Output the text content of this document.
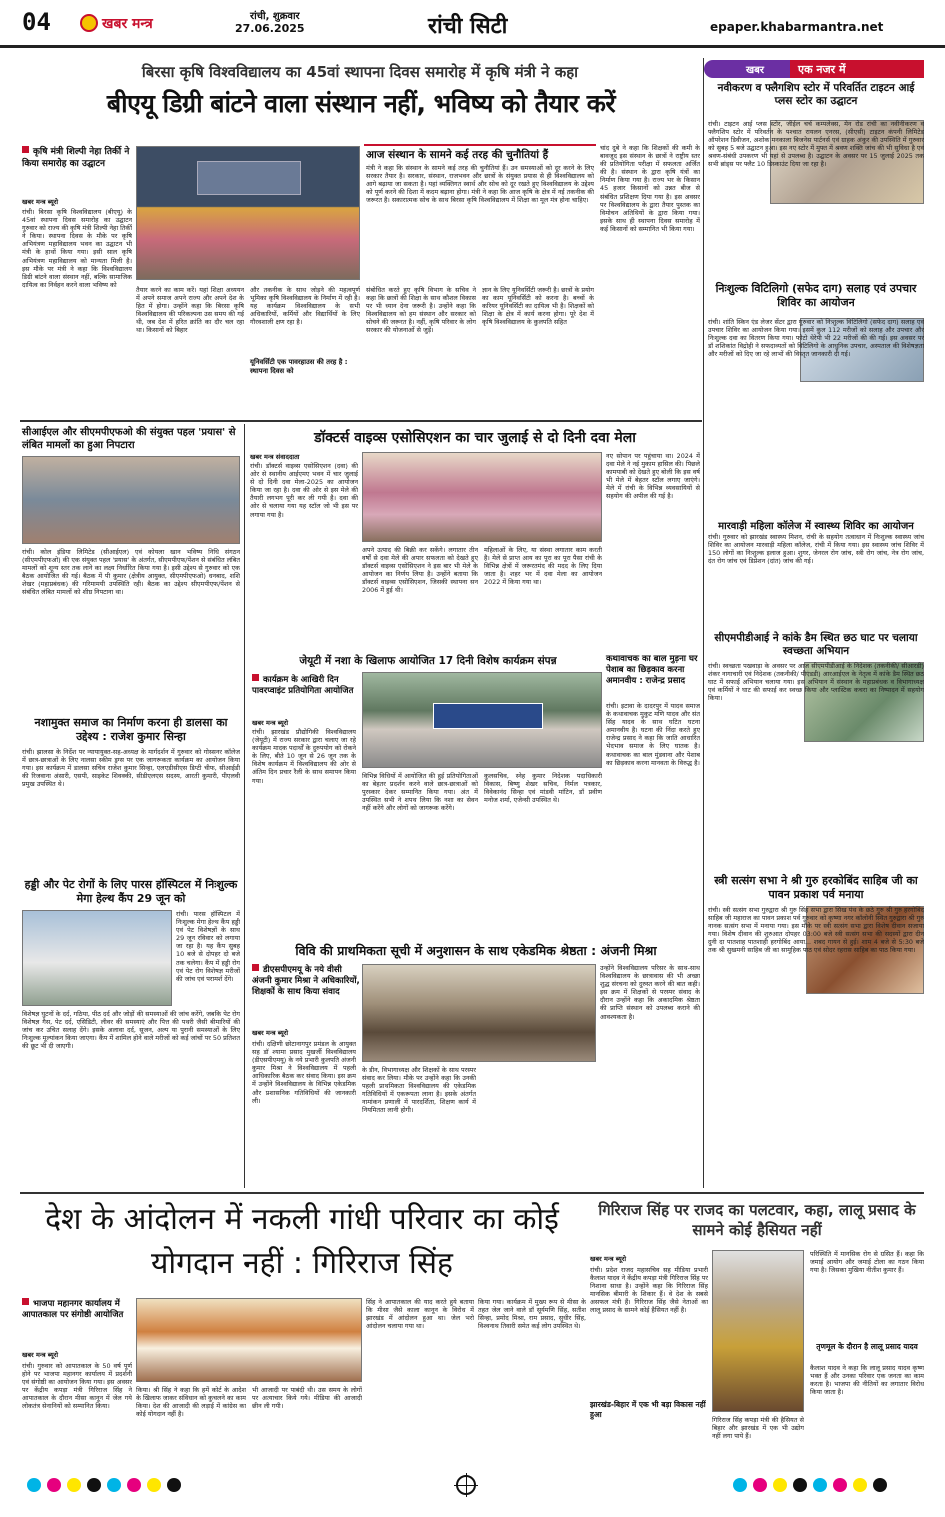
04	खबर मन्त्र	रांची, शुक्रवार
27.06.2025	रांची सिटी	epaper.khabarmantra.net
बिरसा कृषि विश्वविद्यालय का 45वां स्थापना दिवस समारोह में कृषि मंत्री ने कहा
बीएयू डिग्री बांटने वाला संस्थान नहीं, भविष्य को तैयार करें
कृषि मंत्री शिल्पी नेहा तिर्की ने किया समारोह का उद्घाटन
खबर मन्त्र ब्यूरो
रांची। बिरसा कृषि विश्वविद्यालय (बीएयू) के 45वां स्थापना दिवस समारोह का उद्घाटन गुरुवार को राज्य की कृषि मंत्री शिल्पी नेहा तिर्की ने किया। स्थापना दिवस के मौके पर कृषि अभियंत्रण महाविद्यालय भवन का उद्घाटन भी मंत्री के हाथों किया गया। इसी साल कृषि अभियंत्रण महाविद्यालय को मान्यता मिली है। इस मौके पर मंत्री ने कहा कि विश्वविद्यालय डिग्री बांटने वाला संस्थान नहीं, बल्कि सामाजिक दायित्व का निर्वहन करने वाला भविष्य को
तैयार करने का काम करें। यहां शिक्षा अध्ययन में अपने समाज अपने राज्य और अपने देश के हित में होगा। उन्होंने कहा कि बिरसा कृषि विश्वविद्यालय की परिकल्पना उस समय की गई थी, जब देश में हरित क्रांति का दौर चल रहा था। किसानों को बिहार
और तकनीक के साथ जोड़ने की महत्वपूर्ण भूमिका कृषि विश्वविद्यालय के निर्माण में रही है। यह कार्यक्रम विश्वविद्यालय के सभी अधिकारियों, कर्मियों और विद्यार्थियों के लिए गौरवशाली क्षण रहा है।
यूनिवर्सिटी एक पावरहाउस की तरह है : स्थापना दिवस को
संबोधित करते हुए कृषि विभाग के सचिव ने कहा कि छात्रों की शिक्षा के साथ कौशल विकास पर भी ध्यान देना जरूरी है। उन्होंने कहा कि विश्वविद्यालय को हम संस्थान और सरकार को सोचने की जरूरत है। नहीं, कृषि परिवार के लोग सरकार की योजनाओं से जुड़ें।
ज्ञान के लिए यूनिवर्सिटी जरूरी है। छात्रों के प्रयोग का काम यूनिवर्सिटी को करना है। बच्चों के करियर यूनिवर्सिटी का दायित्व भी है। शिक्षकों को शिक्षा के क्षेत्र में कार्य करना होगा। पूरे देश में कृषि विश्वविद्यालय के कुलपति सहित
आज संस्थान के सामने कई तरह की चुनौतियां हैं
मंत्री ने कहा कि संस्थान के सामने कई तरह की चुनौतियां हैं। उन समस्याओं को दूर करने के लिए सरकार तैयार है। सरकार, संस्थान, राजभवन और छात्रों के संयुक्त प्रयास से ही विश्वविद्यालय को आगे बढ़ाया जा सकता है। यहां व्यक्तिगत स्वार्थ और सोच को दूर रखते हुए विश्वविद्यालय के उद्देश्य को पूर्ण करने की दिशा में कदम बढ़ाना होगा। मंत्री ने कहा कि आज कृषि के क्षेत्र में नई तकनीक की जरूरत है। सकारात्मक सोच के साथ बिरसा कृषि विश्वविद्यालय में शिक्षा का मूल मंत्र होना चाहिए।
चांद दुबे ने कहा कि शिक्षकों की कमी के बावजूद इस संस्थान के छात्रों ने राष्ट्रीय स्तर की प्रतियोगिता परीक्षा में सफलता अर्जित की है। संस्थान के द्वारा कृषि यंत्रों का निर्माण किया गया है। राज्य भर के किसान 45 हजार किसानों को उन्नत बीज से संबंधित प्रशिक्षण दिया गया है। इस अवसर पर विश्वविद्यालय के द्वारा तैयार पुस्तक का विमोचन अतिथियों के द्वारा किया गया। इसके साथ ही स्थापना दिवस समारोह में कई किसानों को सम्मानित भी किया गया।
खबर	एक नजर में
नवीकरण व फ्लैगशिप स्टोर में परिवर्तित टाइटन आई प्लस स्टोर का उद्घाटन
रांची। टाइटन आई प्लस स्टोर, जीईल चर्च कम्पलेक्स, मेन रोड रांची का नवीनीकरण व फ्लैगशिप स्टोर में परिवर्तन के पश्चात रायलन एनरस, (सीएसी) टाइटन कंपनी लिमिटेड ऑपरेशन डिवीजन, अशोक मनकाला बिजनेस पार्टनर्स एवं ग्राहक अंकुर की उपस्थिति में गुरुवार को सुबह 5 बजे उद्घाटन हुआ। इस नए स्टोर में मुफ्त में श्रवण शक्ति जांच की भी सुविधा है एवं श्रवण-संबंधी उपकरण भी यहां से उपलब्ध है। उद्घाटन के अवसर पर 15 जुलाई 2025 तक सभी ब्रांड्स पर फ्लैट 10 डिस्काउंट दिया जा रहा है।
निःशुल्क विटिलिगो (सफेद दाग) सलाह एवं उपचार शिविर का आयोजन
रांची। शांति स्किन एंड लेजर सेंटर द्वारा गुरुवार को निःशुल्क विटिलिगो (सफेद दाग) सलाह एवं उपचार शिविर का आयोजन किया गया। इसमें कुल 112 मरीजों को सलाह और उपचार और निःशुल्क दवा का वितरण किया गया। फोटो थेरेपी भी 22 मरीजों की की गई। इस अवसर पर डॉ शशिकांत विद्रोही ने सफदाव्यतों को विटिलिगो के आधुनिक उपचार, अस्पताल की विशेषज्ञता और मरीजों को दिए जा रहे लाभों की विस्तृत जानकारी दी गई।
मारवाड़ी महिला कॉलेज में स्वास्थ्य शिविर का आयोजन
रांची। गुरुवार को झारखंड स्वास्थ्य मिशन, रांची के सहयोग तत्वाधान में निःशुल्क स्वास्थ्य जांच शिविर का आयोजन मारवाड़ी महिला कॉलेज, रांची में किया गया। इस स्वास्थ्य जांच शिविर में 150 लोगों का निःशुल्क इलाज हुआ। शुगर, जेनरल रोग जांच, स्त्री रोग जांच, नेत्र रोग जांच, दंत रोग जांच एवं डिप्रेशन (दांत) जांच की गई।
सीएमपीडीआई ने कांके डैम स्थित छठ घाट पर चलाया स्वच्छता अभियान
रांची। स्वच्छता पखवाड़ा के अवसर पर आज सीएमपीडीआई के निदेशक (तकनीकी/ सीआरडी) शंकर नागाचारी एवं निदेशक (तकनीकी/ पीएंडडी) आरआईएल के नेतृत्व में कांके डैम स्थित छठ घाट में सफाई अभियान चलाया गया। इस अभियान में संस्थान के महाप्रबंधक व विभागाध्यक्ष एवं कर्मियों ने घाट की सफाई कर स्वच्छ किया और प्लास्टिक कचरा का निष्पादन में सहयोग किया।
स्त्री सत्संग सभा ने श्री गुरु हरकोबिंद साहिब जी का पावन प्रकाश पर्व मनाया
रांची। स्त्री सत्संग सभा गुरुद्वारा श्री गुरु सिंह सभा द्वारा सिख पंथ के छठे गुरु श्री गुरु हरगोबिंद साहिब जी महाराज का पावन प्रकाश पर्व गुरुवार को कृष्णा नगर कॉलोनी स्थित गुरुद्वारा श्री गुरु नानक सत्संग सभा में मनाया गया। इस मौके पर स्त्री सत्संग सभा द्वारा विशेष दीवान सजाया गया। विशेष दीवान की शुरुआत दोपहर 03:00 बजे स्त्री सत्संग सभा की सदस्यों द्वारा दीन दुनी दा पातशाह पातशाही हरगोबिंद आया... शबद गायन से हुई। शाम 4 बजे से 5:30 बजे तक श्री सुखमनी साहिब जी का सामूहिक पाठ एवं सोदर रहरास साहिब का पाठ किया गया।
सीआईएल और सीएमपीएफओ की संयुक्त पहल 'प्रयास' से लंबित मामलों का हुआ निपटारा
रांची। कोल इंडिया लिमिटेड (सीआईएल) एवं कोयला खान भविष्य निधि संगठन (सीएमपीएफओ) की एक संयुक्त पहल 'प्रयास' के अंतर्गत, सीएमपीएफ/पेंशन से संबंधित लंबित मामलों को शून्य स्तर तक लाने का लक्ष्य निर्धारित किया गया है। इसी उद्देश्य से गुरुवार को एक बैठक आयोजित की गई। बैठक में पी कुमार (क्षेत्रीय आयुक्त, सीएमपीएफओ) धनबाद, शशि शेखर (महाप्रबंधक) की गरिमामयी उपस्थिति रही। बैठक का उद्देश्य सीएमपीएफ/पेंशन से संबंधित लंबित मामलों को शीघ्र निपटाना था।
नशामुक्त समाज का निर्माण करना ही डालसा का उद्देश्य : राजेश कुमार सिन्हा
रांची। झालसा के निर्देश पर न्यायायुक्त-सह-अध्यक्ष के मार्गदर्शन में गुरुवार को गोस्सनर कॉलेज में छात्र-छात्राओं के लिए नालसा स्कीम ड्रग्स पर एक जागरूकता कार्यक्रम का आयोजन किया गया। इस कार्यक्रम में डालसा सचिव राजेश कुमार सिन्हा, एलएडीसीएस डिप्टी चीफ, सीआईडी की रिजवाना अंसारी, एसपी, साइकेट शिवक्की, सीडीएलएस सदस्य, आरती कुमारी, पीएलवी प्रमुख उपस्थित थे।
हड्डी और पेट रोगों के लिए पारस हॉस्पिटल में निःशुल्क मेगा हेल्थ कैंप 29 जून को
रांची। पारस हॉस्पिटल में निःशुल्क मेगा हेल्थ कैंप हड्डी एवं पेट विशेषज्ञों के साथ 29 जून रविवार को लगाया जा रहा है। यह कैंप सुबह 10 बजे से दोपहर दो बजे तक चलेगा। कैंप में हड्डी रोग एवं पेट रोग विशेषज्ञ मरीजों की जांच एवं परामर्श देंगे।
विशेषज्ञ घुटनों के दर्द, गठिया, पीठ दर्द और जोड़ों की समस्याओं की जांच करेंगे, जबकि पेट रोग विशेषज्ञ गैस, पेट दर्द, एसिडिटी, लीवर की समस्याएं और पित्त की पथरी जैसी बीमारियों की जांच कर उचित सलाह देंगे। इसके अलावा दर्द, सूजन, अल्प या पुरानी समस्याओं के लिए निःशुल्क मूल्यांकन किया जाएगा। कैंप में शामिल होने वाले मरीजों को कई जांचों पर 50 प्रतिशत की छूट भी दी जाएगी।
डॉक्टर्स वाइव्स एसोसिएशन का चार जुलाई से दो दिनी दवा मेला
खबर मन्त्र संवाददाता
रांची। डॉक्टर्स वाइव्स एसोसिएशन (दवा) की ओर से स्थानीय आईएमए भवन में चार जुलाई से दो दिनी दवा मेला-2025 का आयोजन किया जा रहा है। दवा की ओर से इस मेले की तैयारी लगभग पूरी कर ली गयी है। दवा की ओर से चलाया गया यह स्टॉल जो भी इस पर लगाया गया है।
अपने उत्पाद की बिक्री कर सकेंगे। लगातार तीन वर्षों से दवा मेले की अपार सफलता को देखते हुए डॉक्टर्स वाइव्स एसोसिएशन ने इस बार भी मेले के आयोजन का निर्णय लिया है। उन्होंने बताया कि डॉक्टर्स वाइव्स एसोसिएशन, जिसकी स्थापना सन 2006 में हुई थी।
महिलाओं के लिए, या संस्था लगातार काम करती है। मेले से प्राप्त आय का पूरा का पूरा पैसा रांची के विभिन्न क्षेत्रों में जरूरतमंद की मदद के लिए दिया जाता है। शहर भर में दवा मेला का आयोजन 2022 में किया गया था।
नए सोपान पर पहुंचाया था। 2024 में दवा मेले ने नई मुकाम हासिल की। पिछले कामयाबी को देखते हुए बोली कि इस वर्ष भी मेले में बेहतर स्टॉल लगाए जाएंगे। मेले में रांची के विभिन्न व्यवसायियों से सहयोग की अपील की गई है।
जेयूटी में नशा के खिलाफ आयोजित 17 दिनी विशेष कार्यक्रम संपन्न
कार्यक्रम के आखिरी दिन पावरप्वाइंट प्रतियोगिता आयोजित
खबर मन्त्र ब्यूरो
रांची। झारखंड प्रौद्योगिकी विश्वविद्यालय (जेयूटी) में राज्य सरकार द्वारा चलाए जा रहे कार्यक्रम मादक पदार्थों के दुरुपयोग को रोकने के लिए, बीते 10 जून से 26 जून तक के विशेष कार्यक्रम में विश्वविद्यालय की ओर से अंतिम दिन प्रचार रैली के साथ समापन किया गया।
विभिन्न विधियों में आयोजित की हुई प्रतियोगिताओं का बेहतर प्रदर्शन करने वाले छात्र-छात्राओं को पुरस्कार देकर सम्मानित किया गया। अंत में उपस्थित सभी ने शपथ लिया कि नशा का सेवन नहीं करेंगे और लोगों को जागरूक करेंगे।
कुलसचिव, स्नेह कुमार निदेशक पदाधिकारी विकास, बिष्णु शेखर सचिव, निर्मल पत्रकार, विवेकानंद सिन्हा एवं मांडवी मांटिन, डॉ प्रवीण मनोज शर्मा, एजेन्सी उपस्थित थे।
कथावाचक का बाल मुड़ना घर पेशाब का छिड़काव करना अमानवीय : राजेन्द्र प्रसाद
रांची। इटावा के दादरपुर में यादव समाज के कथावाचक मुकुट मणि यादव और संत सिंह यादव के साथ घटित घटना अमानवीय है। घटना की निंदा करते हुए राजेन्द्र प्रसाद ने कहा कि जाति आधारित भेदभाव समाज के लिए घातक है। कथावाचक का बाल मुंडवाना और पेशाब का छिड़काव करना मानवता के विरुद्ध है।
विवि की प्राथमिकता सूची में अनुशासन के साथ एकेडमिक श्रेष्ठता : अंजनी मिश्रा
डीएसपीएमयू के नये वीसी अंजनी कुमार मिश्रा ने अधिकारियों, शिक्षकों के साथ किया संवाद
खबर मन्त्र ब्यूरो
रांची। दक्षिणी छोटानागपुर प्रमंडल के आयुक्त सह डॉ श्यामा प्रसाद मुखर्जी विश्वविद्यालय (डीएसपीएमयू) के नये प्रभारी कुलपति अंजनी कुमार मिश्रा ने विश्वविद्यालय में पहली आधिकारिक बैठक कर संवाद किया। इस क्रम में उन्होंने विश्वविद्यालय के विभिन्न एकेडमिक और प्रशासनिक गतिविधियों की जानकारी ली।
के डीन, विभागाध्यक्ष और शिक्षकों के साथ परस्पर संवाद कर लिया। मौके पर उन्होंने कहा कि उनकी पहली प्राथमिकता विश्वविद्यालय की एकेडमिक गतिविधियों में एकरूपता लाना है। इसके अंतर्गत नामांकन प्रणाली में पारदर्शिता, शिक्षण कार्य में नियमितता लानी होगी।
उन्होंने विश्वविद्यालय परिसर के साथ-साथ विश्वविद्यालय के छात्रावास की भी अच्छा शुद्ध संरचना को दुरुस्त करने की बात कही। इस क्रम में शिक्षकों से परस्पर संवाद के दौरान उन्होंने कहा कि अकादमिक श्रेष्ठता की प्राप्ति संस्थान को उपलब्ध कराने की आवश्यकता है।
देश के आंदोलन में नकली गांधी परिवार का कोई योगदान नहीं : गिरिराज सिंह
भाजपा महानगर कार्यालय में आपातकाल पर संगोष्ठी आयोजित
खबर मन्त्र ब्यूरो
रांची। गुरुवार को आपातकाल के 50 वर्ष पूर्ण होने पर भाजपा महानगर कार्यालय में प्रदर्शनी एवं संगोष्ठी का आयोजन किया गया। इस अवसर पर केंद्रीय कपड़ा मंत्री गिरिराज सिंह ने आपातकाल के दौरान मीसा कानून में जेल गये लोकतंत्र सेनानियों को सम्मानित किया।
किया। श्री सिंह ने कहा कि हमें कोर्ट के आदेश के खिलाफ जाकर संविधान को कुचलने का काम किया। देश की आजादी की लड़ाई में कांग्रेस का कोई योगदान नहीं है।
भी आजादी पर पाबंदी थी। उस समय के लोगों पर अत्याचार किये गये। मीडिया की आजादी छीन ली गयी।
सिंह ने आपातकाल की याद करते हुये बताया कि मीसा जैसे काला कानून के विरोध में झारखंड में आंदोलन हुआ था। जेल भरो आंदोलन चलाया गया था।
किया गया। कार्यक्रम में मुख्य रूप से मीसा के तहत जेल जाने वाले डॉ सूर्यमणि सिंह, सतीश सिन्हा, प्रमोद मिश्रा, राम प्रसाद, सुधीर सिंह, विश्वनाथ तिवारी समेत कई लोग उपस्थित थे।
गिरिराज सिंह पर राजद का पलटवार, कहा, लालू प्रसाद के सामने कोई हैसियत नहीं
खबर मन्त्र ब्यूरो
रांची। प्रदेश राजद महासचिव सह मीडिया प्रभारी कैलाश यादव ने केंद्रीय कपड़ा मंत्री गिरिराज सिंह पर निशाना साधा है। उन्होंने कहा कि गिरिराज सिंह मानसिक बीमारी के शिकार हैं। वे देश के सबसे असफल मंत्री हैं। गिरिराज सिंह जैसे नेताओं का लालू प्रसाद के सामने कोई हैसियत नहीं है।
परिस्थिति में मानसिक रोग से ग्रसित हैं। कहा कि जमाई आयोग और जमाई टोला का गठन किया गया है। जिसका मुखिया नीतीश कुमार हैं।
तृणमूल के दौरान है लालू प्रसाद यादव
कैलाश यादव ने कहा कि लालू प्रसाद यादव कृष्ण भक्त हैं और उनका परिवार एक जनता का काम करता है। भाजपा की नीतियों का लगातार विरोध किया जाता है।
झारखंड-बिहार में एक भी बड़ा विकास नहीं हुआ
गिरिराज सिंह कपड़ा मंत्री की हैसियत से बिहार और झारखंड में एक भी उद्योग नहीं लगा पाये हैं।
